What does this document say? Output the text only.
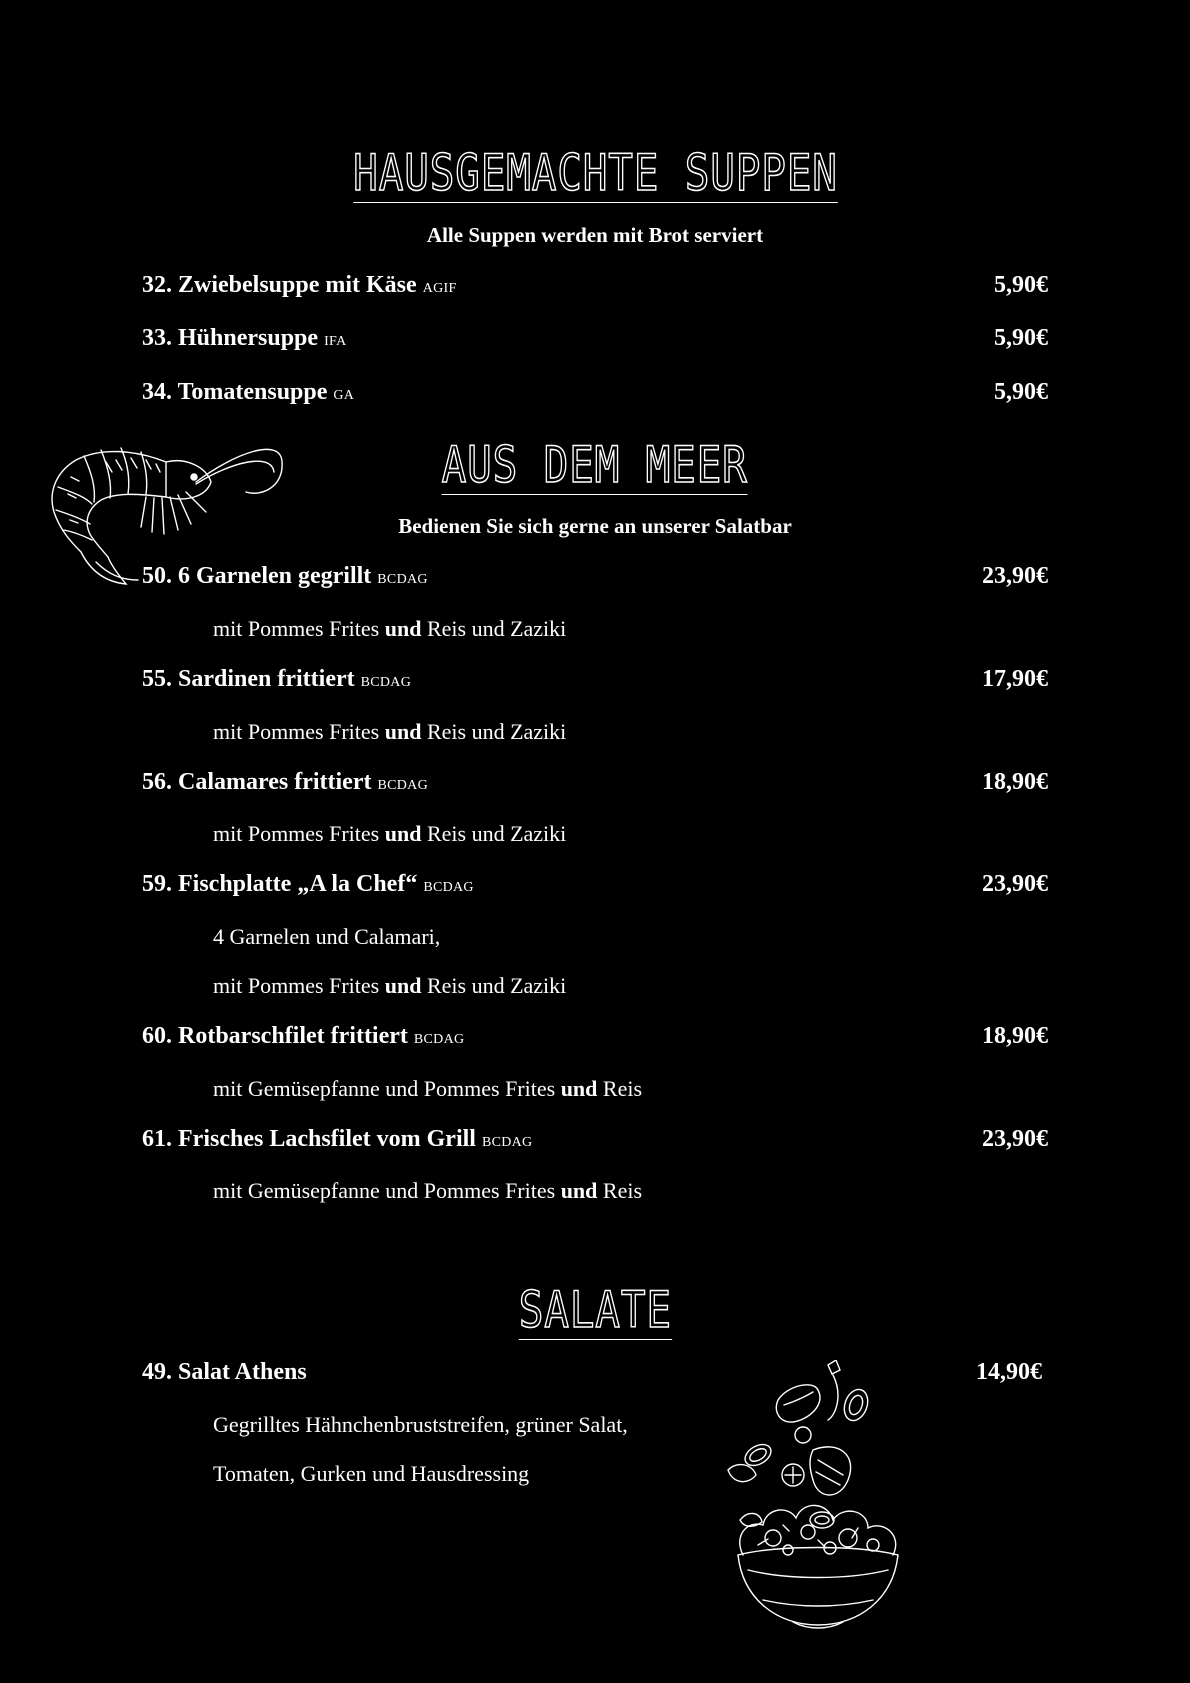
HAUSGEMACHTE SUPPEN
Alle Suppen werden mit Brot serviert
32. Zwiebelsuppe mit Käse AGIF	5,90€
33. Hühnersuppe IFA	5,90€
34. Tomatensuppe GA	5,90€
AUS DEM MEER
Bedienen Sie sich gerne an unserer Salatbar
50. 6 Garnelen gegrillt BCDAG	23,90€
mit Pommes Frites und Reis und Zaziki
55. Sardinen frittiert BCDAG	17,90€
mit Pommes Frites und Reis und Zaziki
56. Calamares frittiert BCDAG	18,90€
mit Pommes Frites und Reis und Zaziki
59. Fischplatte „A la Chef“ BCDAG	23,90€
4 Garnelen und Calamari,
mit Pommes Frites und Reis und Zaziki
60. Rotbarschfilet frittiert BCDAG	18,90€
mit Gemüsepfanne und Pommes Frites und Reis
61. Frisches Lachsfilet vom Grill BCDAG	23,90€
mit Gemüsepfanne und Pommes Frites und Reis
SALATE
49. Salat Athens	14,90€
Gegrilltes Hähnchenbruststreifen, grüner Salat,
Tomaten, Gurken und Hausdressing
